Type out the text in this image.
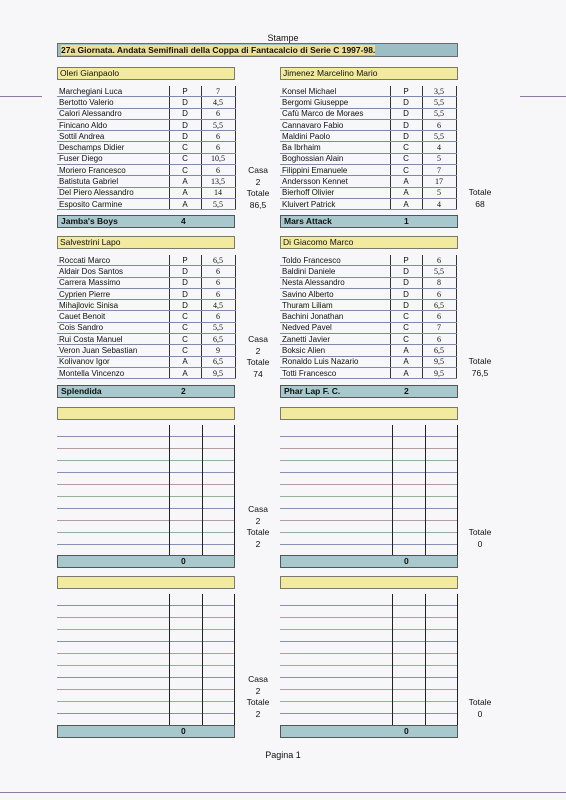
Stampe
27a Giornata. Andata Semifinali della Coppa di Fantacalcio di Serie C 1997-98.
Oleri Gianpaolo	Jimenez Marcelino Mario
Marchegiani Luca	P	7
Bertotto Valerio	D	4,5
Calori Alessandro	D	6
Finicano Aldo	D	5,5
Sottil Andrea	D	6
Deschamps Didier	C	6
Fuser Diego	C	10,5
Moriero Francesco	C	6
Batistuta Gabriel	A	13,5
Del Piero Alessandro	A	14
Esposito Carmine	A	5,5
Konsel Michael	P	3,5
Bergomi Giuseppe	D	5,5
Cafù Marco de Moraes	D	5,5
Cannavaro Fabio	D	6
Maldini Paolo	D	5,5
Ba Ibrhaim	C	4
Boghossian Alain	C	5
Filippini Emanuele	C	7
Andersson Kennet	A	17
Bierhoff Olivier	A	5
Kluivert Patrick	A	4
Casa
2
Totale
86,5
Totale
68
Jamba's Boys	4	Mars Attack	1
Salvestrini Lapo	Di Giacomo Marco
Roccati Marco	P	6,5
Aldair Dos Santos	D	6
Carrera Massimo	D	6
Cyprien Pierre	D	6
Mihajlovic Sinisa	D	4,5
Cauet Benoit	C	6
Cois Sandro	C	5,5
Rui Costa Manuel	C	6,5
Veron Juan Sebastian	C	9
Kolivanov Igor	A	6,5
Montella Vincenzo	A	9,5
Toldo Francesco	P	6
Baldini Daniele	D	5,5
Nesta Alessandro	D	8
Savino Alberto	D	6
Thuram Liliam	D	6,5
Bachini Jonathan	C	6
Nedved Pavel	C	7
Zanetti Javier	C	6
Boksic Alien	A	6,5
Ronaldo Luis Nazario	A	9,5
Totti Francesco	A	9,5
Casa
2
Totale
74
Totale
76,5
Splendida	2	Phar Lap F. C.	2
Casa
2
Totale
2
Totale
0
0	0
Casa
2
Totale
2
Totale
0
0	0
Pagina 1
